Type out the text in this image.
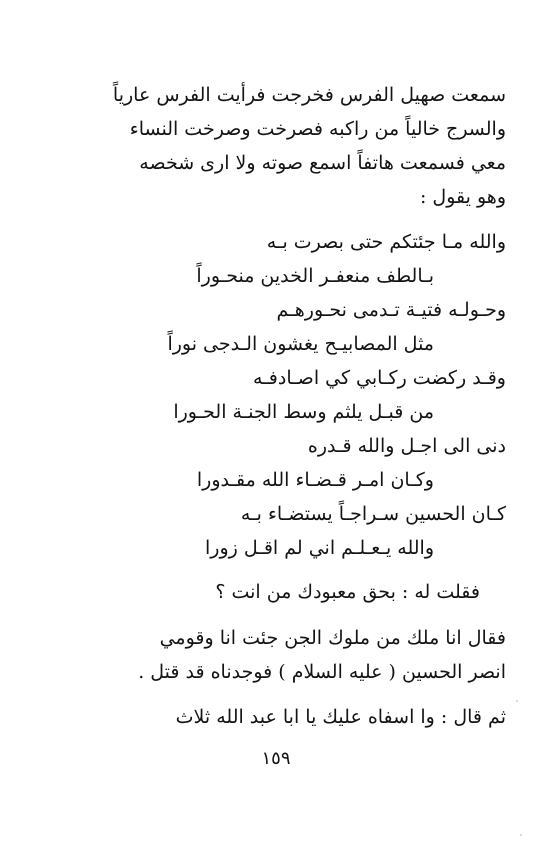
سمعت صهيل الفرس فخرجت فرأيت الفرس عارياً
والسرج خالياً من راكبه فصرخت وصرخت النساء
معي فسمعت هاتفاً اسمع صوته ولا ارى شخصه
وهو يقول :
والله مـا جئتكم حتى بصرت بـه
بـالطف منعفـر الخدين منحـوراً
وحـولـه فتيـة تـدمى نحـورهـم
مثل المصابيـح يغشون الـدجى نوراً
وقـد ركضت ركـابي كي اصـادفـه
من قبـل يلثم وسط الجنـة الحـورا
دنى الى اجـل والله قـدره
وكـان امـر قـضـاء الله مقـدورا
كـان الحسين سـراجـاً يستضـاء بـه
والله يـعـلـم اني لم اقـل زورا
فقلت له : بحق معبودك من انت ؟
فقال انا ملك من ملوك الجن جئت انا وقومي
انصر الحسين ( عليه السلام ) فوجدناه قد قتل .
ثم قال : وا اسفاه عليك يا ابا عبد الله ثلاث
١٥٩
